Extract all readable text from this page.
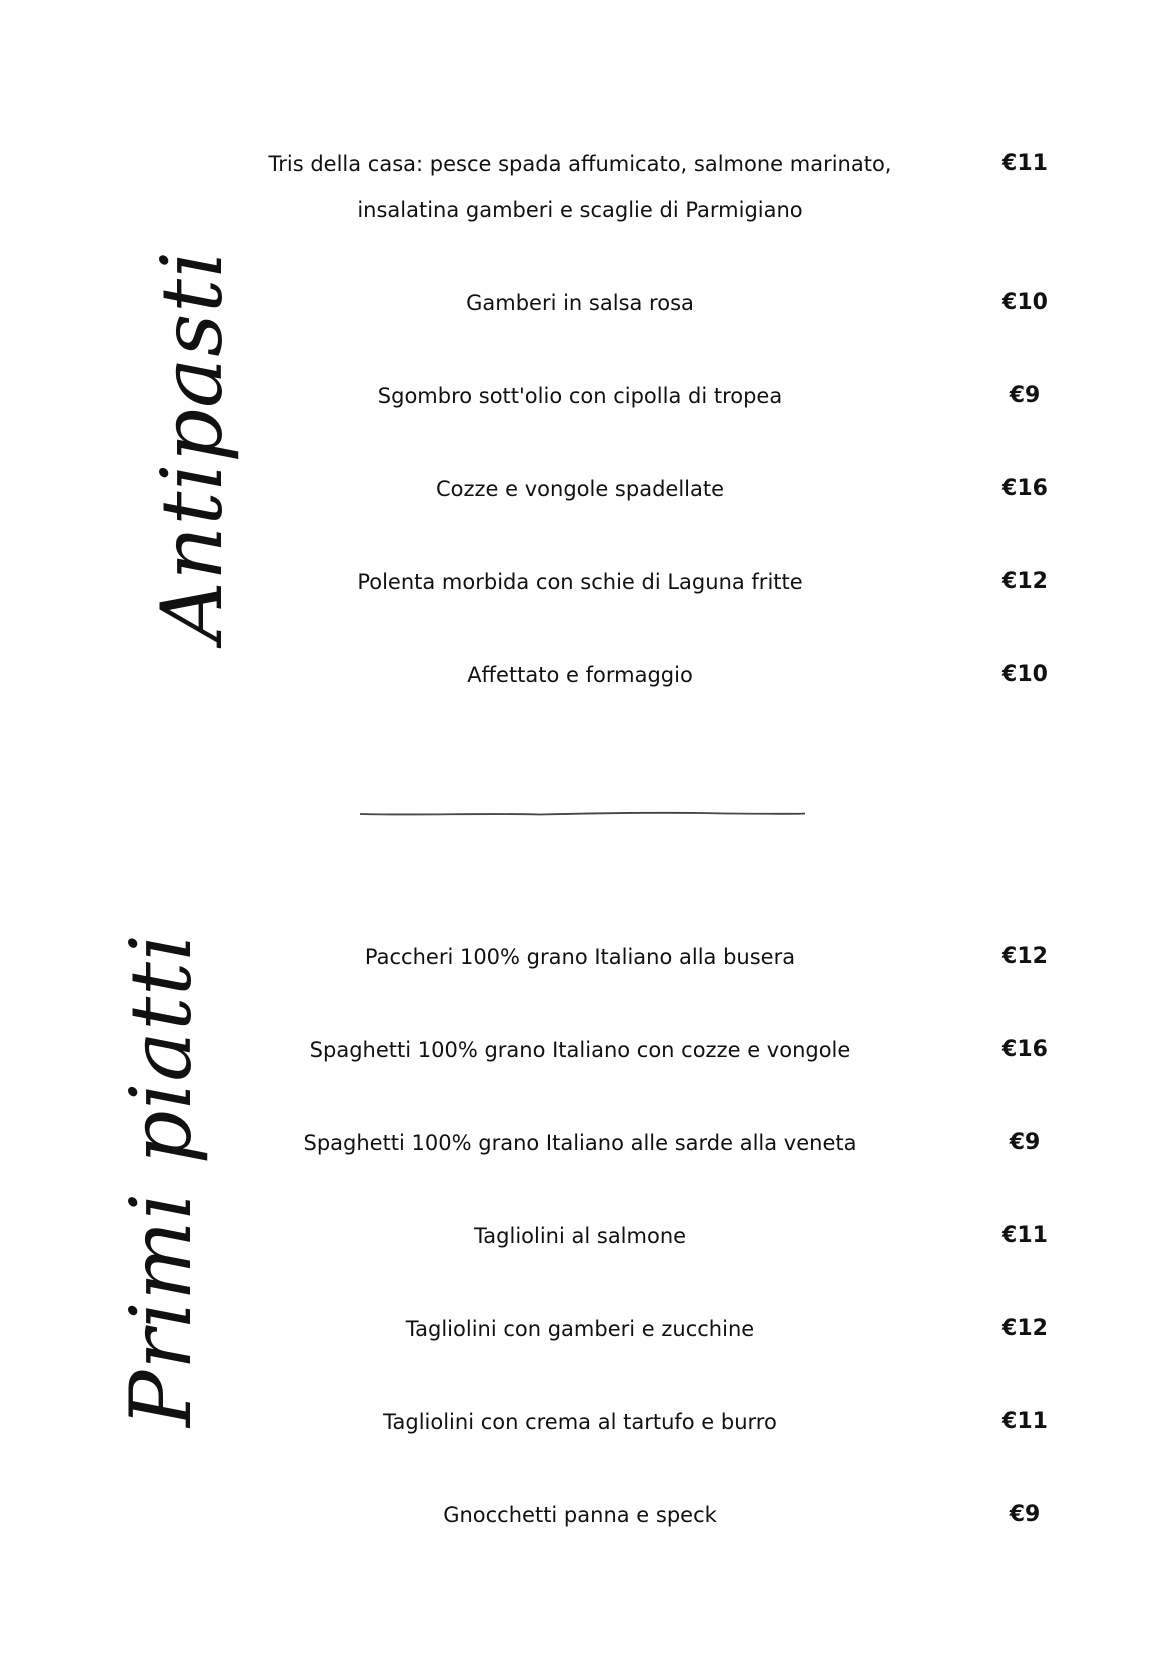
Antipasti
Tris della casa: pesce spada affumicato, salmone marinato,
insalatina gamberi e scaglie di Parmigiano
€11
Gamberi in salsa rosa	€10
Sgombro sott'olio con cipolla di tropea	€9
Cozze e vongole spadellate	€16
Polenta morbida con schie di Laguna fritte	€12
Affettato e formaggio	€10
Primi piatti	Paccheri 100% grano Italiano alla busera	€12
Spaghetti 100% grano Italiano con cozze e vongole	€16
Spaghetti 100% grano Italiano alle sarde alla veneta	€9
Tagliolini al salmone	€11
Tagliolini con gamberi e zucchine	€12
Tagliolini con crema al tartufo e burro	€11
Gnocchetti panna e speck	€9
